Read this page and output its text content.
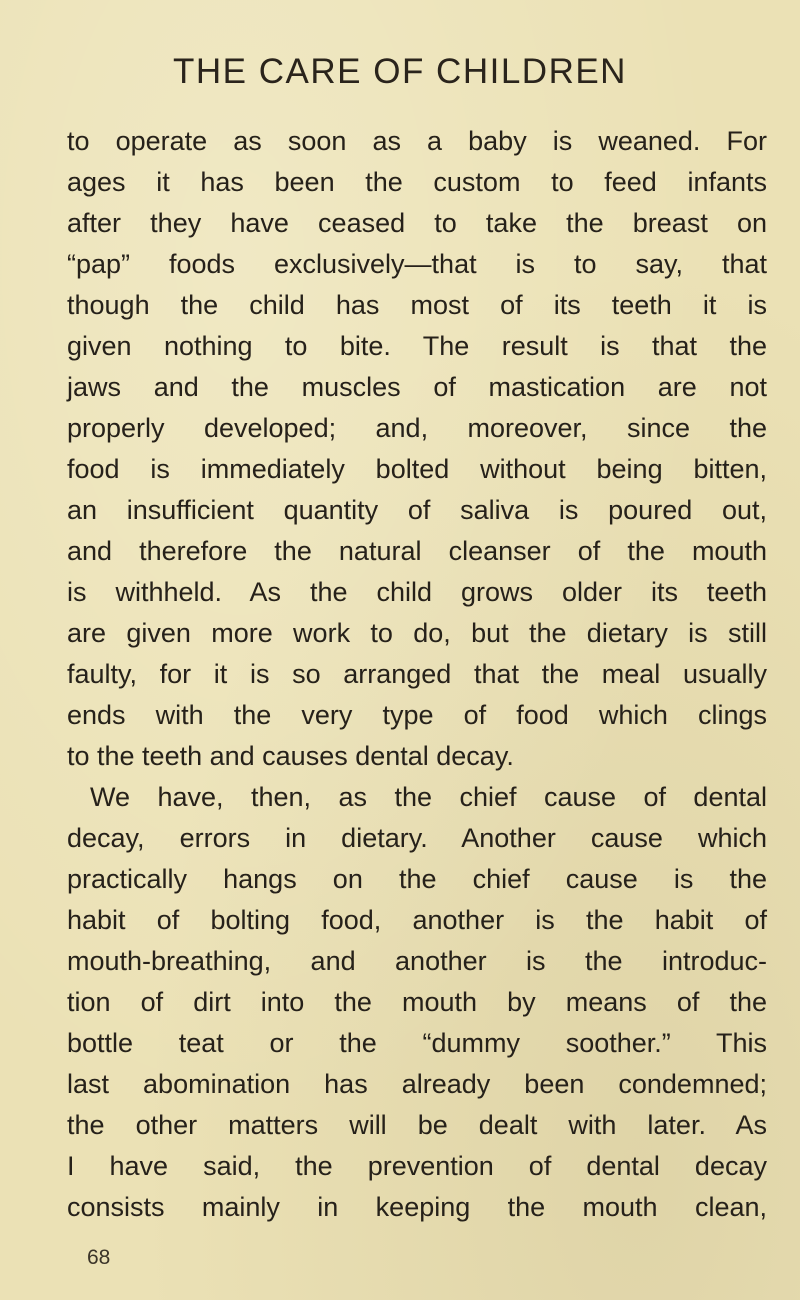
THE CARE OF CHILDREN
to operate as soon as a baby is weaned. For
ages it has been the custom to feed infants
after they have ceased to take the breast on
“pap” foods exclusively—that is to say, that
though the child has most of its teeth it is
given nothing to bite. The result is that the
jaws and the muscles of mastication are not
properly developed; and, moreover, since the
food is immediately bolted without being bitten,
an insufficient quantity of saliva is poured out,
and therefore the natural cleanser of the mouth
is withheld. As the child grows older its teeth
are given more work to do, but the dietary is still
faulty, for it is so arranged that the meal usually
ends with the very type of food which clings
to the teeth and causes dental decay.
We have, then, as the chief cause of dental
decay, errors in dietary. Another cause which
practically hangs on the chief cause is the
habit of bolting food, another is the habit of
mouth-breathing, and another is the introduc-
tion of dirt into the mouth by means of the
bottle teat or the “dummy soother.” This
last abomination has already been condemned;
the other matters will be dealt with later. As
I have said, the prevention of dental decay
consists mainly in keeping the mouth clean,
68
